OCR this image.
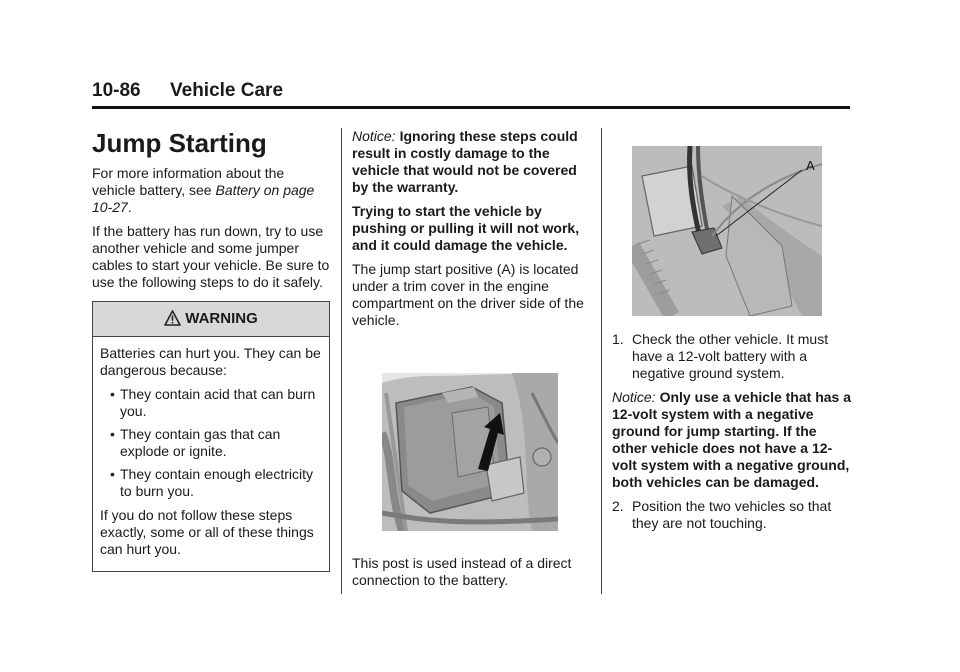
10-86 Vehicle Care
Jump Starting

For more information about the vehicle battery, see Battery on page 10-27.

If the battery has run down, try to use another vehicle and some jumper cables to start your vehicle. Be sure to use the following steps to do it safely.

WARNING

Batteries can hurt you. They can be dangerous because:

• They contain acid that can burn you.
• They contain gas that can explode or ignite.
• They contain enough electricity to burn you.

If you do not follow these steps exactly, some or all of these things can hurt you.

Notice: Ignoring these steps could result in costly damage to the vehicle that would not be covered by the warranty.

Trying to start the vehicle by pushing or pulling it will not work, and it could damage the vehicle.

The jump start positive (A) is located under a trim cover in the engine compartment on the driver side of the vehicle.

This post is used instead of a direct connection to the battery.

A
1. Check the other vehicle. It must have a 12-volt battery with a negative ground system.

Notice: Only use a vehicle that has a 12-volt system with a negative ground for jump starting. If the other vehicle does not have a 12-volt system with a negative ground, both vehicles can be damaged.

2. Position the two vehicles so that they are not touching.
